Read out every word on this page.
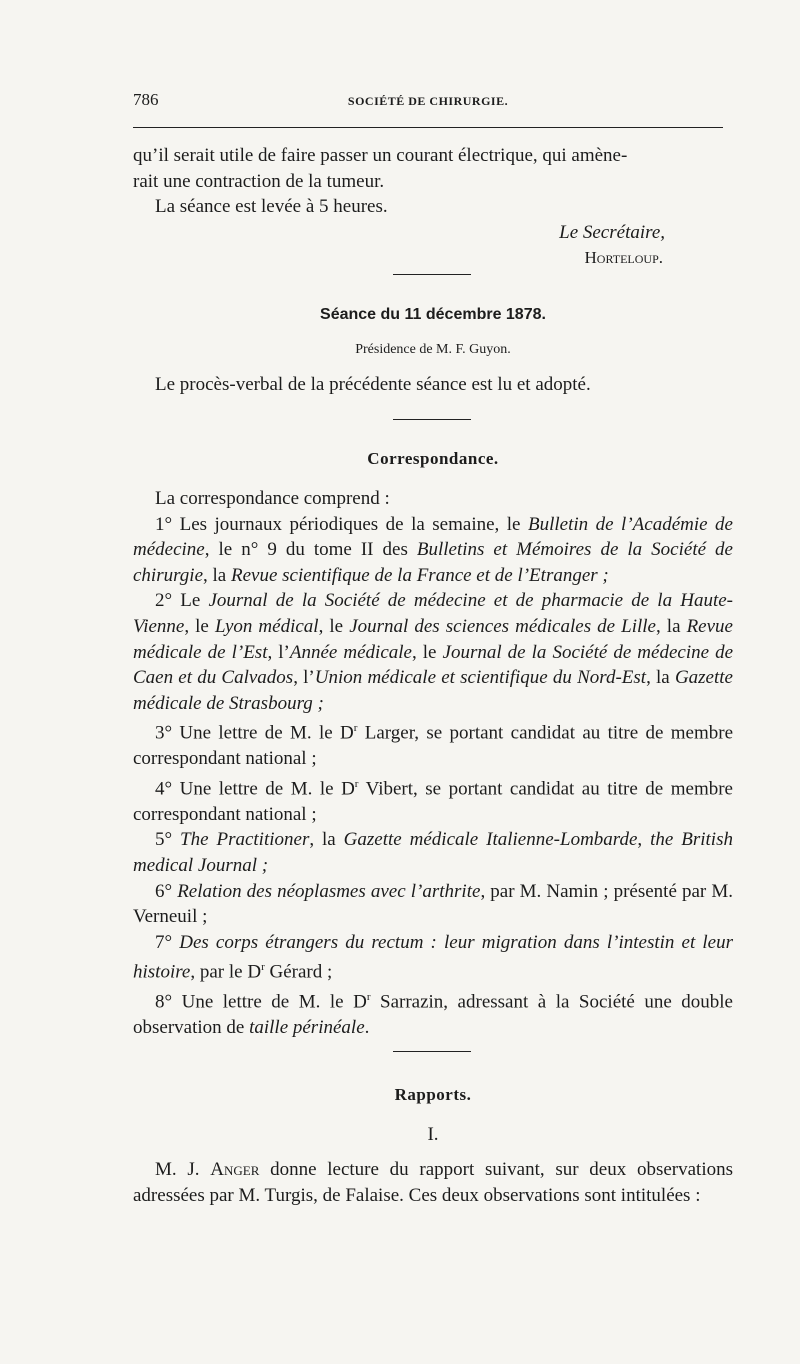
786	SOCIÉTÉ DE CHIRURGIE.

qu’il serait utile de faire passer un courant électrique, qui amène-

rait une contraction de la tumeur.

La séance est levée à 5 heures.

Le Secrétaire,

Horteloup.

Séance du 11 décembre 1878.
Présidence de M. F. Guyon.

Le procès-verbal de la précédente séance est lu et adopté.

Correspondance.

La correspondance comprend :

1° Les journaux périodiques de la semaine, le Bulletin de l’Académie de médecine, le n° 9 du tome II des Bulletins et Mémoires de la Société de chirurgie, la Revue scientifique de la France et de l’Etranger ;

2° Le Journal de la Société de médecine et de pharmacie de la Haute-Vienne, le Lyon médical, le Journal des sciences médicales de Lille, la Revue médicale de l’Est, l’Année médicale, le Journal de la Société de médecine de Caen et du Calvados, l’Union médicale et scientifique du Nord-Est, la Gazette médicale de Strasbourg ;

3° Une lettre de M. le $D^r$ Larger, se portant candidat au titre de membre correspondant national ;

4° Une lettre de M. le $D^r$ Vibert, se portant candidat au titre de membre correspondant national ;

5° The Practitioner, la Gazette médicale Italienne-Lombarde, the British medical Journal ;

6° Relation des néoplasmes avec l’arthrite, par M. Namin ; présenté par M. Verneuil ;

7° Des corps étrangers du rectum : leur migration dans l’intestin et leur histoire, par le $D^r$ Gérard ;

8° Une lettre de M. le $D^r$ Sarrazin, adressant à la Société une double observation de taille périnéale.

Rapports.
I.

M. J. Anger donne lecture du rapport suivant, sur deux observations adressées par M. Turgis, de Falaise. Ces deux observations sont intitulées :
